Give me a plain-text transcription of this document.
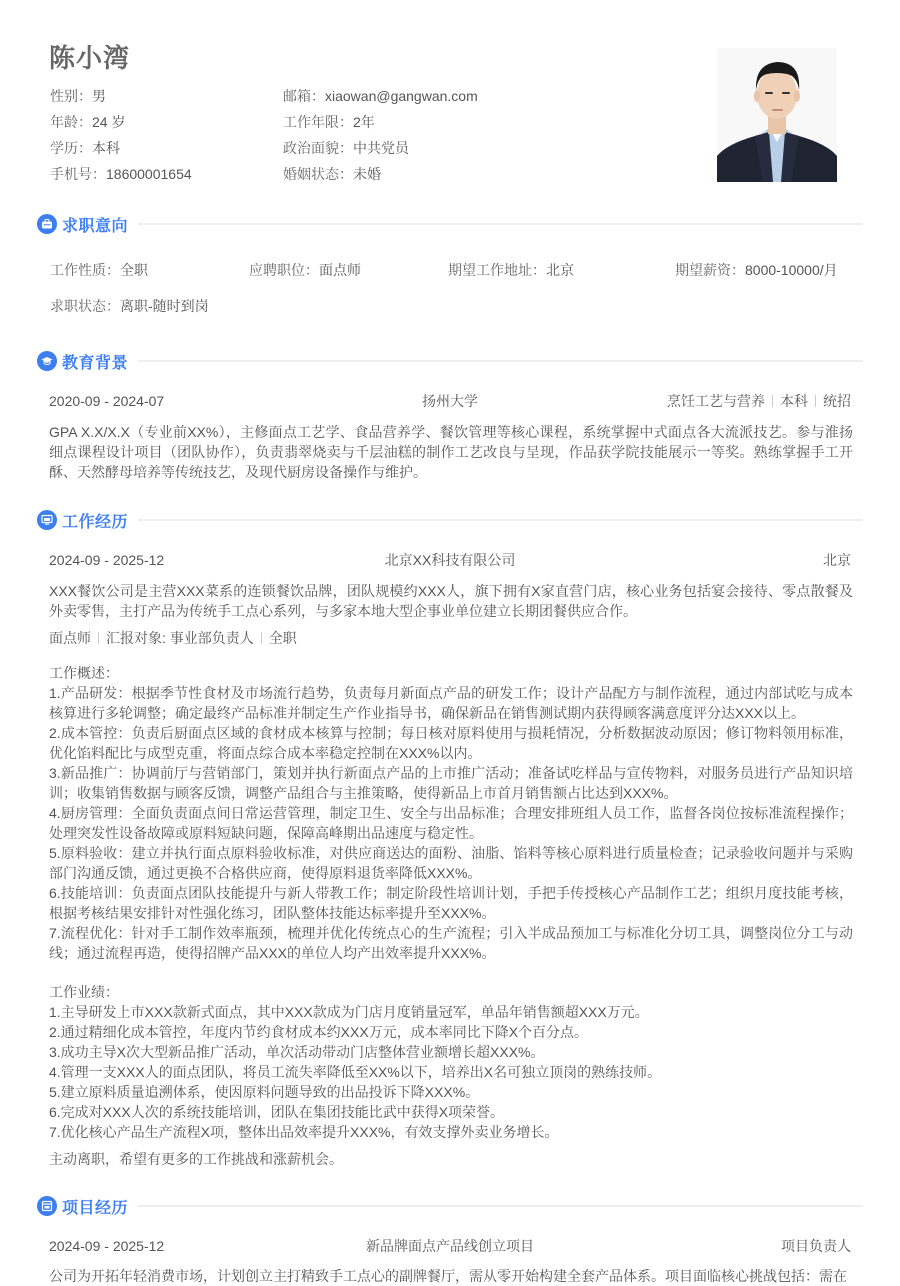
陈小湾
性别：男
年龄：24 岁
学历：本科
手机号：18600001654
邮箱：xiaowan@gangwan.com
工作年限：2年
政治面貌：中共党员
婚姻状态：未婚
求职意向
工作性质：全职	应聘职位：面点师	期望工作地址：北京	期望薪资：8000-10000/月
求职状态：离职-随时到岗
教育背景
2020-09 - 2024-07	扬州大学	烹饪工艺与营养 本科 统招
GPA X.X/X.X（专业前XX%），主修面点工艺学、食品营养学、餐饮管理等核心课程，系统掌握中式面点各大流派技艺。参与淮扬细点课程设计项目（团队协作），负责翡翠烧卖与千层油糕的制作工艺改良与呈现，作品获学院技能展示一等奖。熟练掌握手工开酥、天然酵母培养等传统技艺，及现代厨房设备操作与维护。
工作经历
2024-09 - 2025-12	北京XX科技有限公司	北京
XXX餐饮公司是主营XXX菜系的连锁餐饮品牌，团队规模约XXX人，旗下拥有X家直营门店，核心业务包括宴会接待、零点散餐及外卖零售，主打产品为传统手工点心系列，与多家本地大型企事业单位建立长期团餐供应合作。
面点师 汇报对象: 事业部负责人 全职
工作概述：
1.产品研发：根据季节性食材及市场流行趋势，负责每月新面点产品的研发工作；设计产品配方与制作流程，通过内部试吃与成本核算进行多轮调整；确定最终产品标准并制定生产作业指导书，确保新品在销售测试期内获得顾客满意度评分达XXX以上。
2.成本管控：负责后厨面点区域的食材成本核算与控制；每日核对原料使用与损耗情况，分析数据波动原因；修订物料领用标准，优化馅料配比与成型克重，将面点综合成本率稳定控制在XXX%以内。
3.新品推广：协调前厅与营销部门，策划并执行新面点产品的上市推广活动；准备试吃样品与宣传物料，对服务员进行产品知识培训；收集销售数据与顾客反馈，调整产品组合与主推策略，使得新品上市首月销售额占比达到XXX%。
4.厨房管理：全面负责面点间日常运营管理，制定卫生、安全与出品标准；合理安排班组人员工作，监督各岗位按标准流程操作；处理突发性设备故障或原料短缺问题，保障高峰期出品速度与稳定性。
5.原料验收：建立并执行面点原料验收标准，对供应商送达的面粉、油脂、馅料等核心原料进行质量检查；记录验收问题并与采购部门沟通反馈，通过更换不合格供应商，使得原料退货率降低XXX%。
6.技能培训：负责面点团队技能提升与新人带教工作；制定阶段性培训计划，手把手传授核心产品制作工艺；组织月度技能考核，根据考核结果安排针对性强化练习，团队整体技能达标率提升至XXX%。
7.流程优化：针对手工制作效率瓶颈，梳理并优化传统点心的生产流程；引入半成品预加工与标准化分切工具，调整岗位分工与动线；通过流程再造，使得招牌产品XXX的单位人均产出效率提升XXX%。
工作业绩：
1.主导研发上市XXX款新式面点，其中XXX款成为门店月度销量冠军，单品年销售额超XXX万元。
2.通过精细化成本管控，年度内节约食材成本约XXX万元，成本率同比下降X个百分点。
3.成功主导X次大型新品推广活动，单次活动带动门店整体营业额增长超XXX%。
4.管理一支XXX人的面点团队，将员工流失率降低至XX%以下，培养出X名可独立顶岗的熟练技师。
5.建立原料质量追溯体系，使因原料问题导致的出品投诉下降XXX%。
6.完成对XXX人次的系统技能培训，团队在集团技能比武中获得X项荣誉。
7.优化核心产品生产流程X项，整体出品效率提升XXX%，有效支撑外卖业务增长。
主动离职，希望有更多的工作挑战和涨薪机会。
项目经历
2024-09 - 2025-12	新品牌面点产品线创立项目	项目负责人
公司为开拓年轻消费市场，计划创立主打精致手工点心的副牌餐厅，需从零开始构建全套产品体系。项目面临核心挑战包括：需在
